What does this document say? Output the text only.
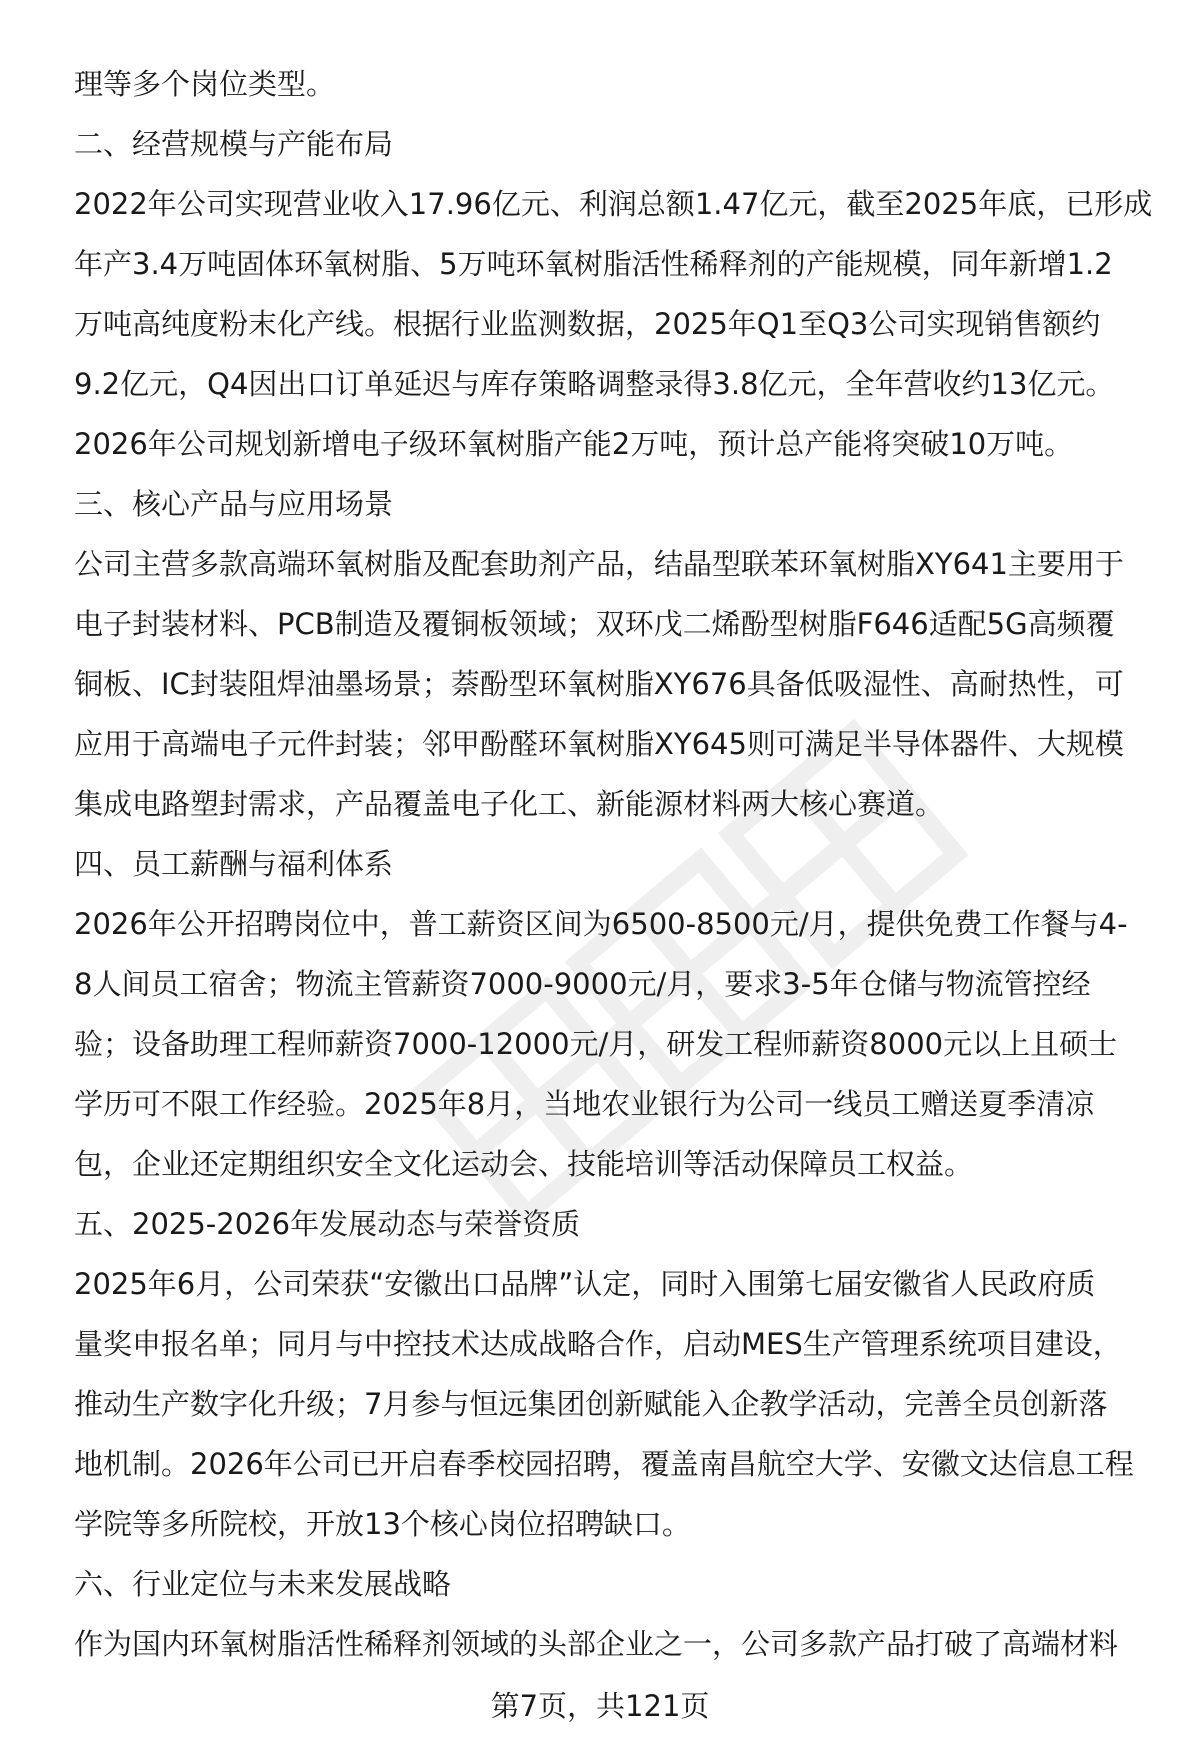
理等多个岗位类型。
二、经营规模与产能布局
2022年公司实现营业收入17.96亿元、利润总额1.47亿元，截至2025年底，已形成
年产3.4万吨固体环氧树脂、5万吨环氧树脂活性稀释剂的产能规模，同年新增1.2
万吨高纯度粉末化产线。根据行业监测数据，2025年Q1至Q3公司实现销售额约
9.2亿元，Q4因出口订单延迟与库存策略调整录得3.8亿元，全年营收约13亿元。
2026年公司规划新增电子级环氧树脂产能2万吨，预计总产能将突破10万吨。
三、核心产品与应用场景
公司主营多款高端环氧树脂及配套助剂产品，结晶型联苯环氧树脂XY641主要用于
电子封装材料、PCB制造及覆铜板领域；双环戊二烯酚型树脂F646适配5G高频覆
铜板、IC封装阻焊油墨场景；萘酚型环氧树脂XY676具备低吸湿性、高耐热性，可
应用于高端电子元件封装；邻甲酚醛环氧树脂XY645则可满足半导体器件、大规模
集成电路塑封需求，产品覆盖电子化工、新能源材料两大核心赛道。
四、员工薪酬与福利体系
2026年公开招聘岗位中，普工薪资区间为6500-8500元/月，提供免费工作餐与4-
8人间员工宿舍；物流主管薪资7000-9000元/月，要求3-5年仓储与物流管控经
验；设备助理工程师薪资7000-12000元/月，研发工程师薪资8000元以上且硕士
学历可不限工作经验。2025年8月，当地农业银行为公司一线员工赠送夏季清凉
包，企业还定期组织安全文化运动会、技能培训等活动保障员工权益。
五、2025-2026年发展动态与荣誉资质
2025年6月，公司荣获“安徽出口品牌”认定，同时入围第七届安徽省人民政府质
量奖申报名单；同月与中控技术达成战略合作，启动MES生产管理系统项目建设，
推动生产数字化升级；7月参与恒远集团创新赋能入企教学活动，完善全员创新落
地机制。2026年公司已开启春季校园招聘，覆盖南昌航空大学、安徽文达信息工程
学院等多所院校，开放13个核心岗位招聘缺口。
六、行业定位与未来发展战略
作为国内环氧树脂活性稀释剂领域的头部企业之一，公司多款产品打破了高端材料
第7页，共121页
